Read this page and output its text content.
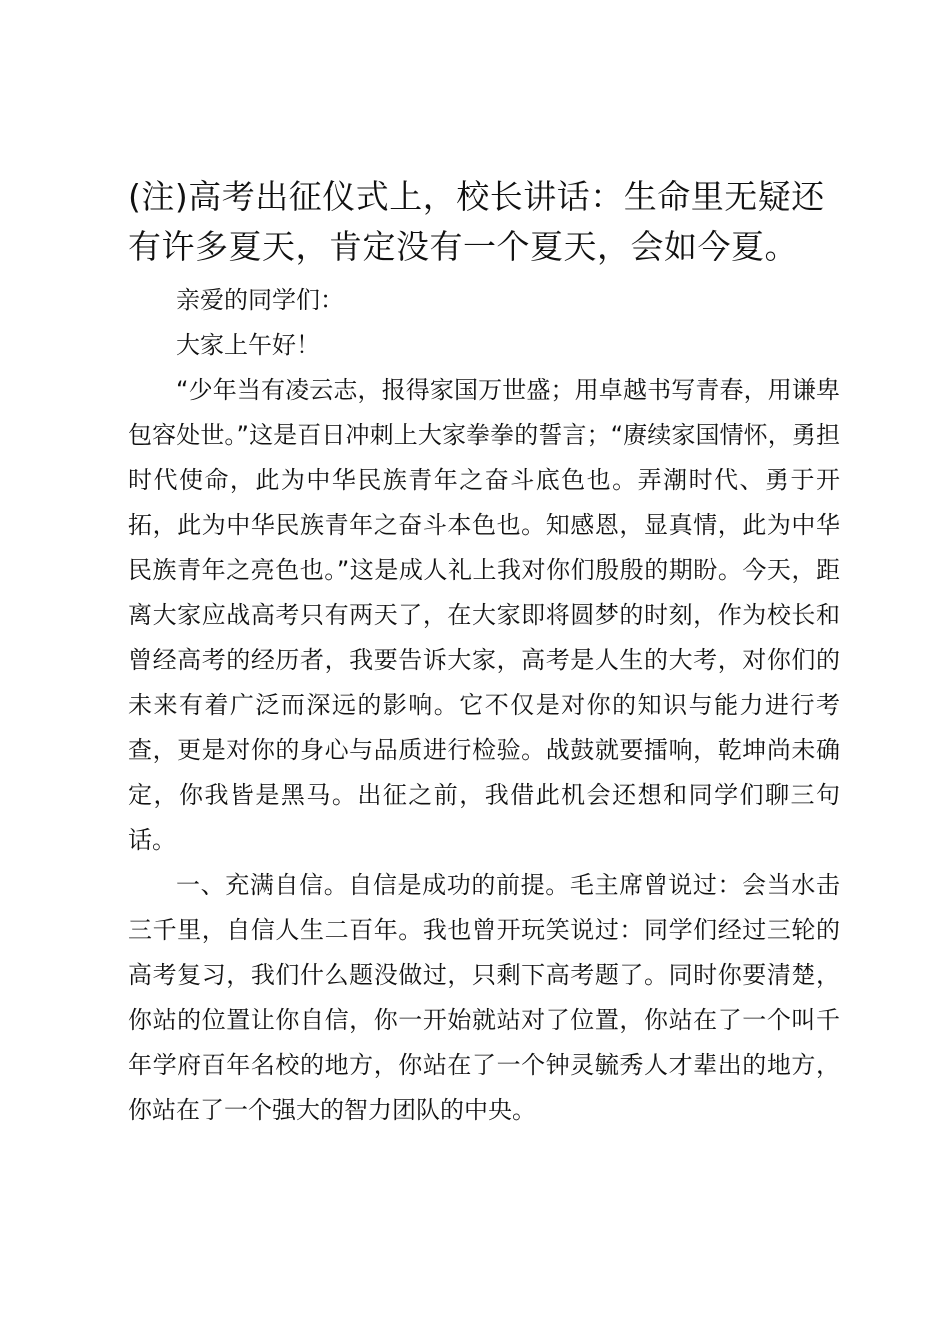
(注)高考出征仪式上，校长讲话：生命里无疑还有许多夏天，肯定没有一个夏天，会如今夏。

亲爱的同学们：

大家上午好！

“少年当有凌云志，报得家国万世盛；用卓越书写青春，用谦卑包容处世。”这是百日冲刺上大家拳拳的誓言；“赓续家国情怀，勇担时代使命，此为中华民族青年之奋斗底色也。弄潮时代、勇于开拓，此为中华民族青年之奋斗本色也。知感恩，显真情，此为中华民族青年之亮色也。”这是成人礼上我对你们殷殷的期盼。今天，距离大家应战高考只有两天了，在大家即将圆梦的时刻，作为校长和曾经高考的经历者，我要告诉大家，高考是人生的大考，对你们的未来有着广泛而深远的影响。它不仅是对你的知识与能力进行考查，更是对你的身心与品质进行检验。战鼓就要擂响，乾坤尚未确定，你我皆是黑马。出征之前，我借此机会还想和同学们聊三句话。

一、充满自信。自信是成功的前提。毛主席曾说过：会当水击三千里，自信人生二百年。我也曾开玩笑说过：同学们经过三轮的高考复习，我们什么题没做过，只剩下高考题了。同时你要清楚，你站的位置让你自信，你一开始就站对了位置，你站在了一个叫千年学府百年名校的地方，你站在了一个钟灵毓秀人才辈出的地方，你站在了一个强大的智力团队的中央。
